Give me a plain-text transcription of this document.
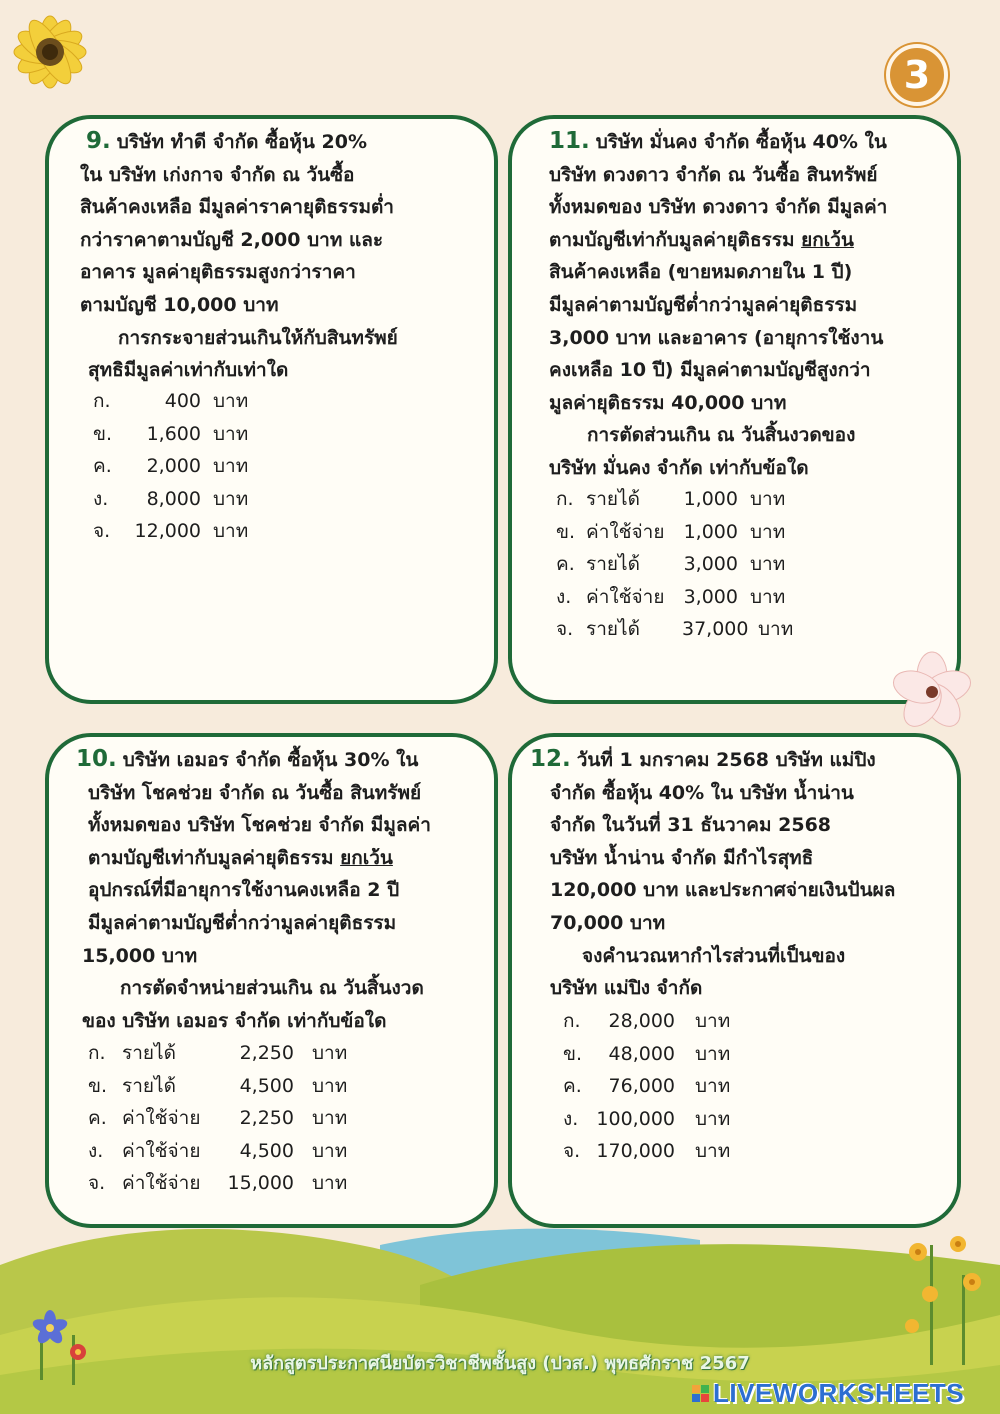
3
9. บริษัท ทำดี จำกัด ซื้อหุ้น 20%
ใน บริษัท เก่งกาจ จำกัด ณ วันซื้อ
สินค้าคงเหลือ มีมูลค่าราคายุติธรรมต่ำ
กว่าราคาตามบัญชี 2,000 บาท และ
อาคาร มูลค่ายุติธรรมสูงกว่าราคา
ตามบัญชี 10,000 บาท
การกระจายส่วนเกินให้กับสินทรัพย์
สุทธิมีมูลค่าเท่ากับเท่าใด
ก.	400 บาท
ข.	1,600 บาท
ค.	2,000 บาท
ง.	8,000 บาท
จ.	12,000 บาท
11. บริษัท มั่นคง จำกัด ซื้อหุ้น 40% ใน
บริษัท ดวงดาว จำกัด ณ วันซื้อ สินทรัพย์
ทั้งหมดของ บริษัท ดวงดาว จำกัด มีมูลค่า
ตามบัญชีเท่ากับมูลค่ายุติธรรม ยกเว้น
สินค้าคงเหลือ (ขายหมดภายใน 1 ปี)
มีมูลค่าตามบัญชีต่ำกว่ามูลค่ายุติธรรม
3,000 บาท และอาคาร (อายุการใช้งาน
คงเหลือ 10 ปี) มีมูลค่าตามบัญชีสูงกว่า
มูลค่ายุติธรรม 40,000 บาท
การตัดส่วนเกิน ณ วันสิ้นงวดของ
บริษัท มั่นคง จำกัด เท่ากับข้อใด
ก. รายได้	1,000 บาท
ข. ค่าใช้จ่าย	1,000 บาท
ค. รายได้	3,000 บาท
ง. ค่าใช้จ่าย	3,000 บาท
จ. รายได้	37,000 บาท
10. บริษัท เอมอร จำกัด ซื้อหุ้น 30% ใน
บริษัท โชคช่วย จำกัด ณ วันซื้อ สินทรัพย์
ทั้งหมดของ บริษัท โชคช่วย จำกัด มีมูลค่า
ตามบัญชีเท่ากับมูลค่ายุติธรรม ยกเว้น
อุปกรณ์ที่มีอายุการใช้งานคงเหลือ 2 ปี
มีมูลค่าตามบัญชีต่ำกว่ามูลค่ายุติธรรม
15,000 บาท
การตัดจำหน่ายส่วนเกิน ณ วันสิ้นงวด
ของ บริษัท เอมอร จำกัด เท่ากับข้อใด
ก. รายได้	2,250 บาท
ข. รายได้	4,500 บาท
ค. ค่าใช้จ่าย	2,250 บาท
ง. ค่าใช้จ่าย	4,500 บาท
จ. ค่าใช้จ่าย	15,000 บาท
12. วันที่ 1 มกราคม 2568 บริษัท แม่ปิง
จำกัด ซื้อหุ้น 40% ใน บริษัท น้ำน่าน
จำกัด ในวันที่ 31 ธันวาคม 2568
บริษัท น้ำน่าน จำกัด มีกำไรสุทธิ
120,000 บาท และประกาศจ่ายเงินปันผล
70,000 บาท
จงคำนวณหากำไรส่วนที่เป็นของ
บริษัท แม่ปิง จำกัด
ก.	28,000 บาท
ข.	48,000 บาท
ค.	76,000 บาท
ง. 100,000 บาท
จ. 170,000 บาท
หลักสูตรประกาศนียบัตรวิชาชีพชั้นสูง (ปวส.) พุทธศักราช 2567
LIVEWORKSHEETS
